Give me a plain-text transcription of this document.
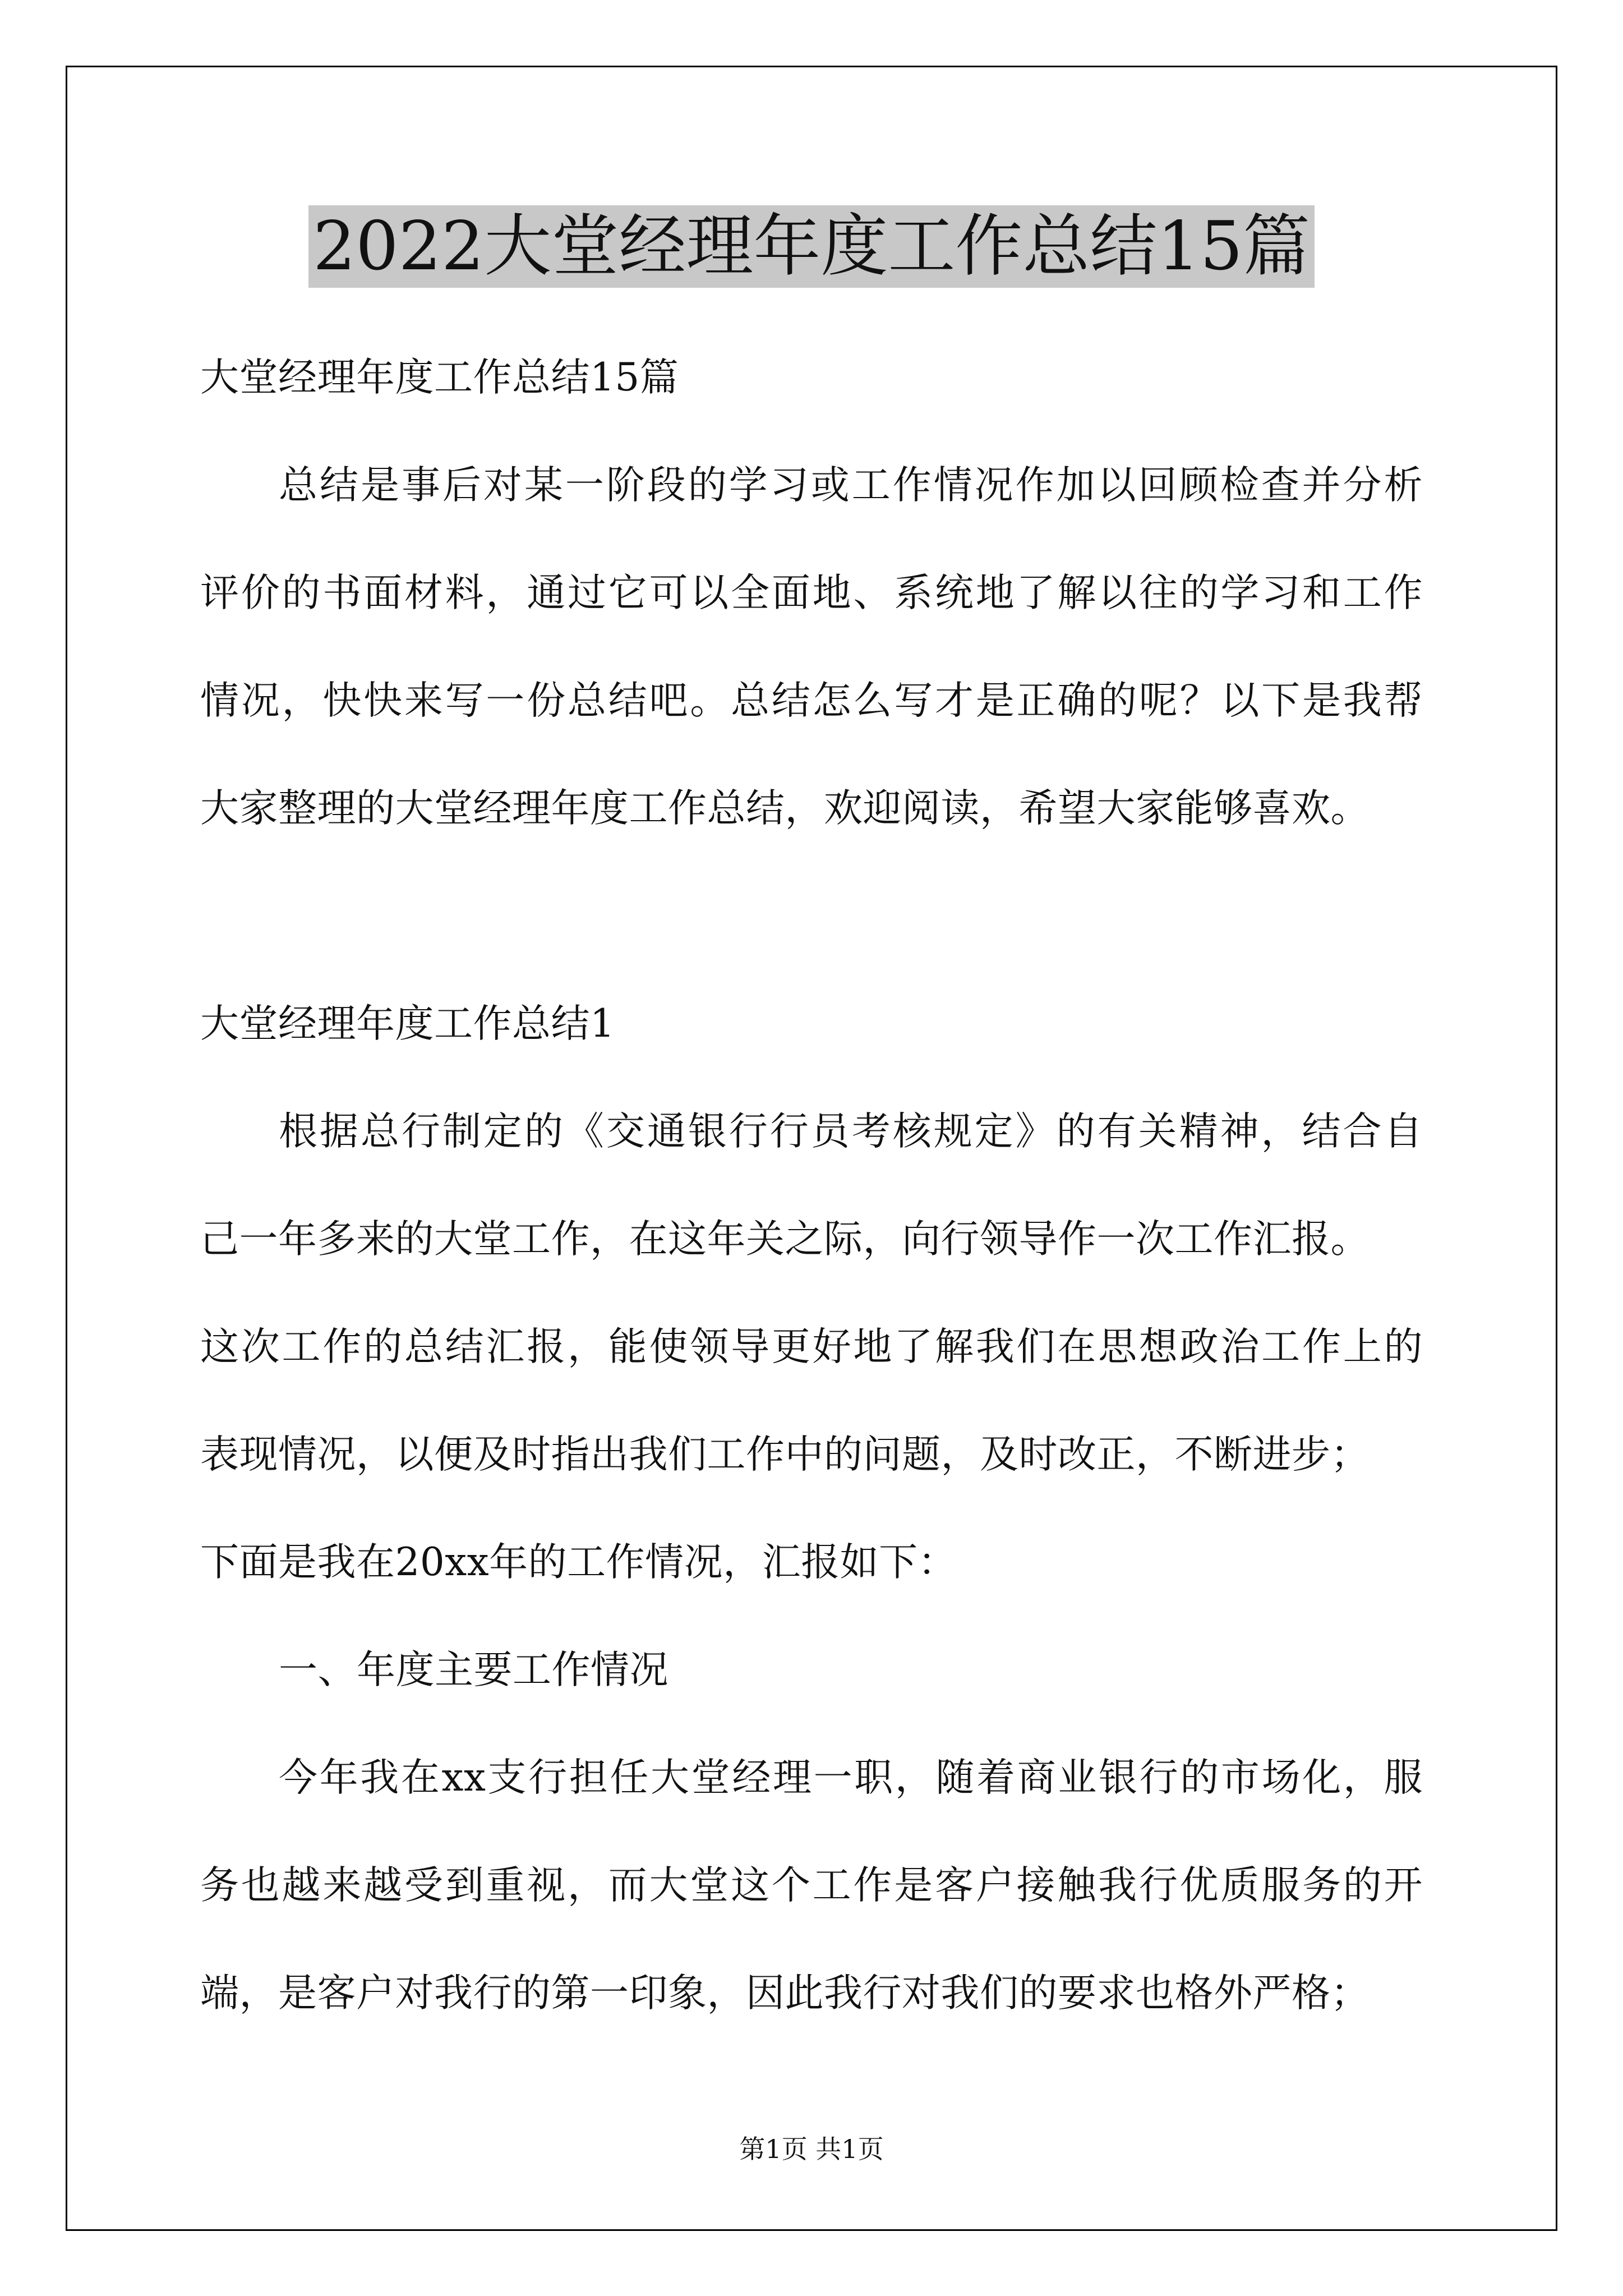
2022大堂经理年度工作总结15篇

大堂经理年度工作总结15篇

总结是事后对某一阶段的学习或工作情况作加以回顾检查并分析

评价的书面材料，通过它可以全面地、系统地了解以往的学习和工作

情况，快快来写一份总结吧。总结怎么写才是正确的呢？以下是我帮

大家整理的大堂经理年度工作总结，欢迎阅读，希望大家能够喜欢。

大堂经理年度工作总结1

根据总行制定的《交通银行行员考核规定》的有关精神，结合自

己一年多来的大堂工作，在这年关之际，向行领导作一次工作汇报。

这次工作的总结汇报，能使领导更好地了解我们在思想政治工作上的

表现情况，以便及时指出我们工作中的问题，及时改正，不断进步；

下面是我在20xx年的工作情况，汇报如下：

一、年度主要工作情况

今年我在xx支行担任大堂经理一职，随着商业银行的市场化，服

务也越来越受到重视，而大堂这个工作是客户接触我行优质服务的开

端，是客户对我行的第一印象，因此我行对我们的要求也格外严格；

第1页 共1页
